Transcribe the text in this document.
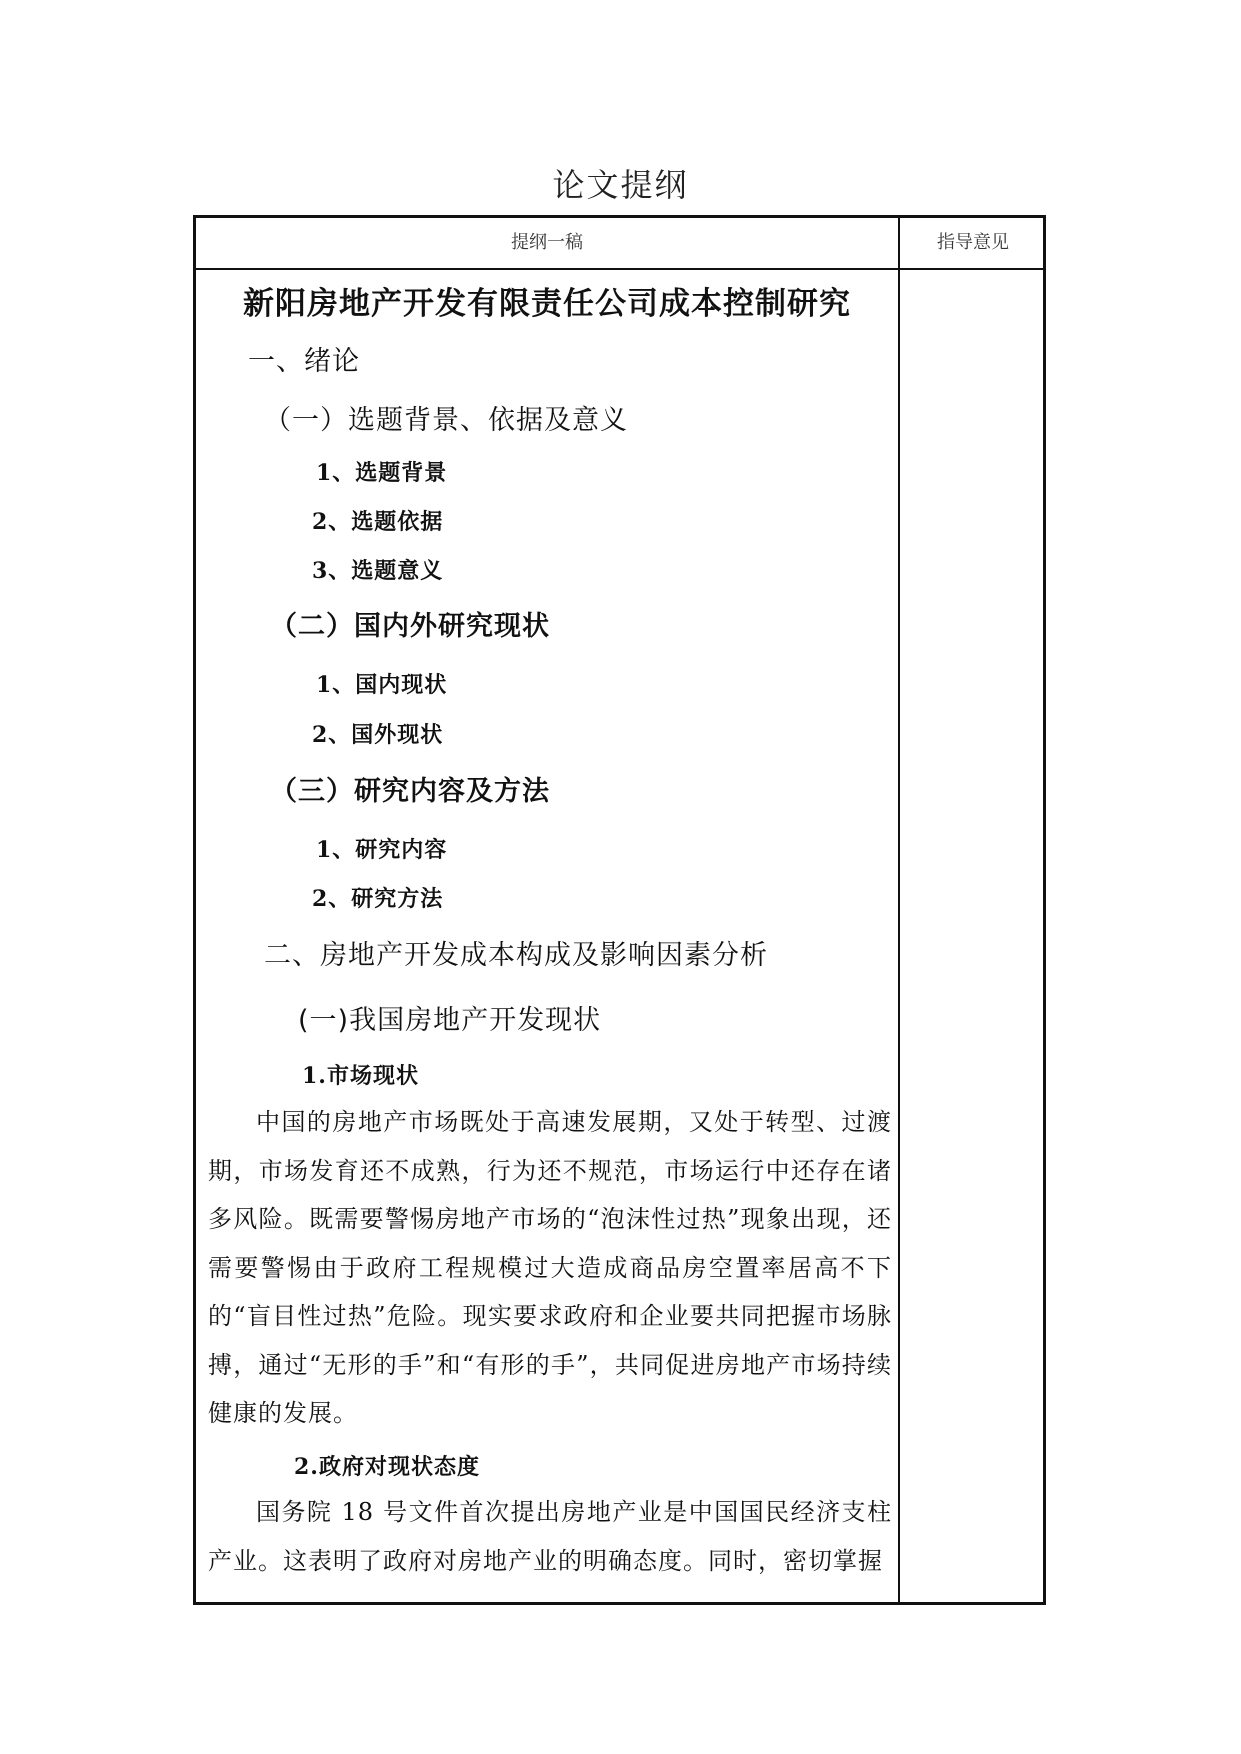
论文提纲
提纲一稿	指导意见
新阳房地产开发有限责任公司成本控制研究
一、绪论
（一）选题背景、依据及意义
1、选题背景
2、选题依据
3、选题意义
（二）国内外研究现状
1、国内现状
2、国外现状
（三）研究内容及方法
1、研究内容
2、研究方法
二、房地产开发成本构成及影响因素分析
(一)我国房地产开发现状
1.市场现状
中国的房地产市场既处于高速发展期，又处于转型、过渡期，市场发育还不成熟，行为还不规范，市场运行中还存在诸多风险。既需要警惕房地产市场的“泡沫性过热”现象出现，还需要警惕由于政府工程规模过大造成商品房空置率居高不下的“盲目性过热”危险。现实要求政府和企业要共同把握市场脉搏，通过“无形的手”和“有形的手”，共同促进房地产市场持续健康的发展。
2.政府对现状态度
国务院 18 号文件首次提出房地产业是中国国民经济支柱产业。这表明了政府对房地产业的明确态度。同时，密切掌握
